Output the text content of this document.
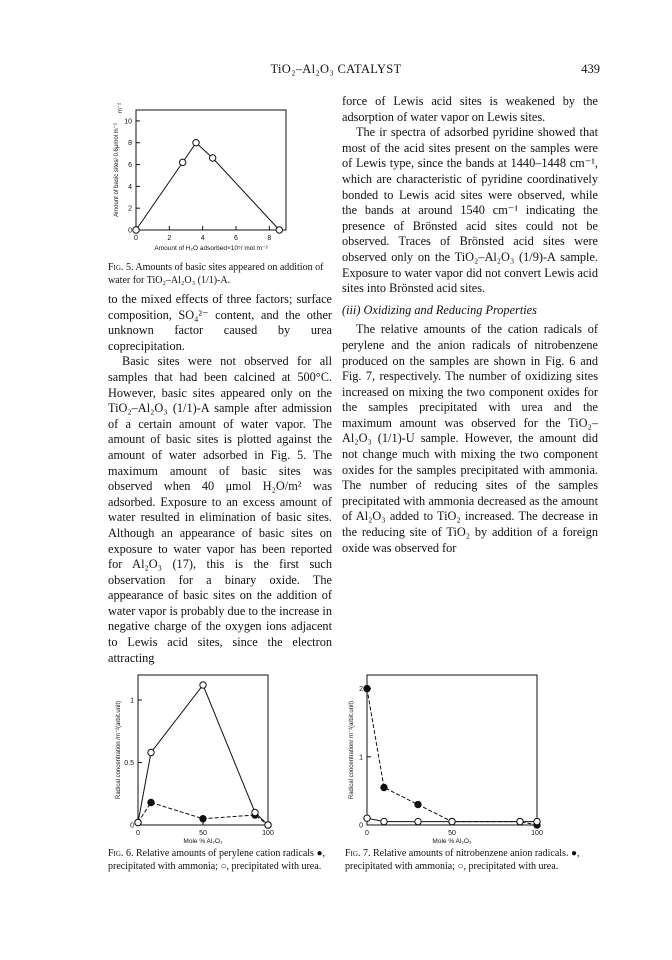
TiO₂–Al₂O₃ CATALYST	439
0	2	4	6	8
0
2
4
6
8
10
Amount of H₂O adsorbed×10⁵/ mol m⁻²
Amount of basic sites/ 0.6μmol m⁻²
m⁻²
Fig. 5. Amounts of basic sites appeared on addition of water for TiO₂–Al₂O₃ (1/1)-A.

to the mixed effects of three factors; surface composition, SO₄²⁻ content, and the other unknown factor caused by urea coprecipitation.

Basic sites were not observed for all samples that had been calcined at 500°C. However, basic sites appeared only on the TiO₂–Al₂O₃ (1/1)-A sample after admission of a certain amount of water vapor. The amount of basic sites is plotted against the amount of water adsorbed in Fig. 5. The maximum amount of basic sites was observed when 40 μmol H₂O/m² was adsorbed. Exposure to an excess amount of water resulted in elimination of basic sites. Although an appearance of basic sites on exposure to water vapor has been reported for Al₂O₃ (17), this is the first such observation for a binary oxide. The appearance of basic sites on the addition of water vapor is probably due to the increase in negative charge of the oxygen ions adjacent to Lewis acid sites, since the electron attracting

force of Lewis acid sites is weakened by the adsorption of water vapor on Lewis sites.

The ir spectra of adsorbed pyridine showed that most of the acid sites present on the samples were of Lewis type, since the bands at 1440–1448 cm⁻¹, which are characteristic of pyridine coordinatively bonded to Lewis acid sites were observed, while the bands at around 1540 cm⁻¹ indicating the presence of Brönsted acid sites could not be observed. Traces of Brönsted acid sites were observed only on the TiO₂–Al₂O₃ (1/9)-A sample. Exposure to water vapor did not convert Lewis acid sites into Brönsted acid sites.

(iii) Oxidizing and Reducing Properties

The relative amounts of the cation radicals of perylene and the anion radicals of nitrobenzene produced on the samples are shown in Fig. 6 and Fig. 7, respectively. The number of oxidizing sites increased on mixing the two component oxides for the samples precipitated with urea and the maximum amount was observed for the TiO₂–Al₂O₃ (1/1)-U sample. However, the amount did not change much with mixing the two component oxides for the samples precipitated with ammonia. The number of reducing sites of the samples precipitated with ammonia decreased as the amount of Al₂O₃ added to TiO₂ increased. The decrease in the reducing site of TiO₂ by addition of a foreign oxide was observed for

0	50	100
0
0.5
1
Mole % Al₂O₃
Radical concentration /m⁻²(arbit.unit)
Fig. 6. Relative amounts of perylene cation radicals ●, precipitated with ammonia; ○, precipitated with urea.
0	50	100
0
1
2
Mole % Al₂O₃
Radical concentration/ m⁻²(arbit.unit)
Fig. 7. Relative amounts of nitrobenzene anion radicals. ●, precipitated with ammonia; ○, precipitated with urea.
